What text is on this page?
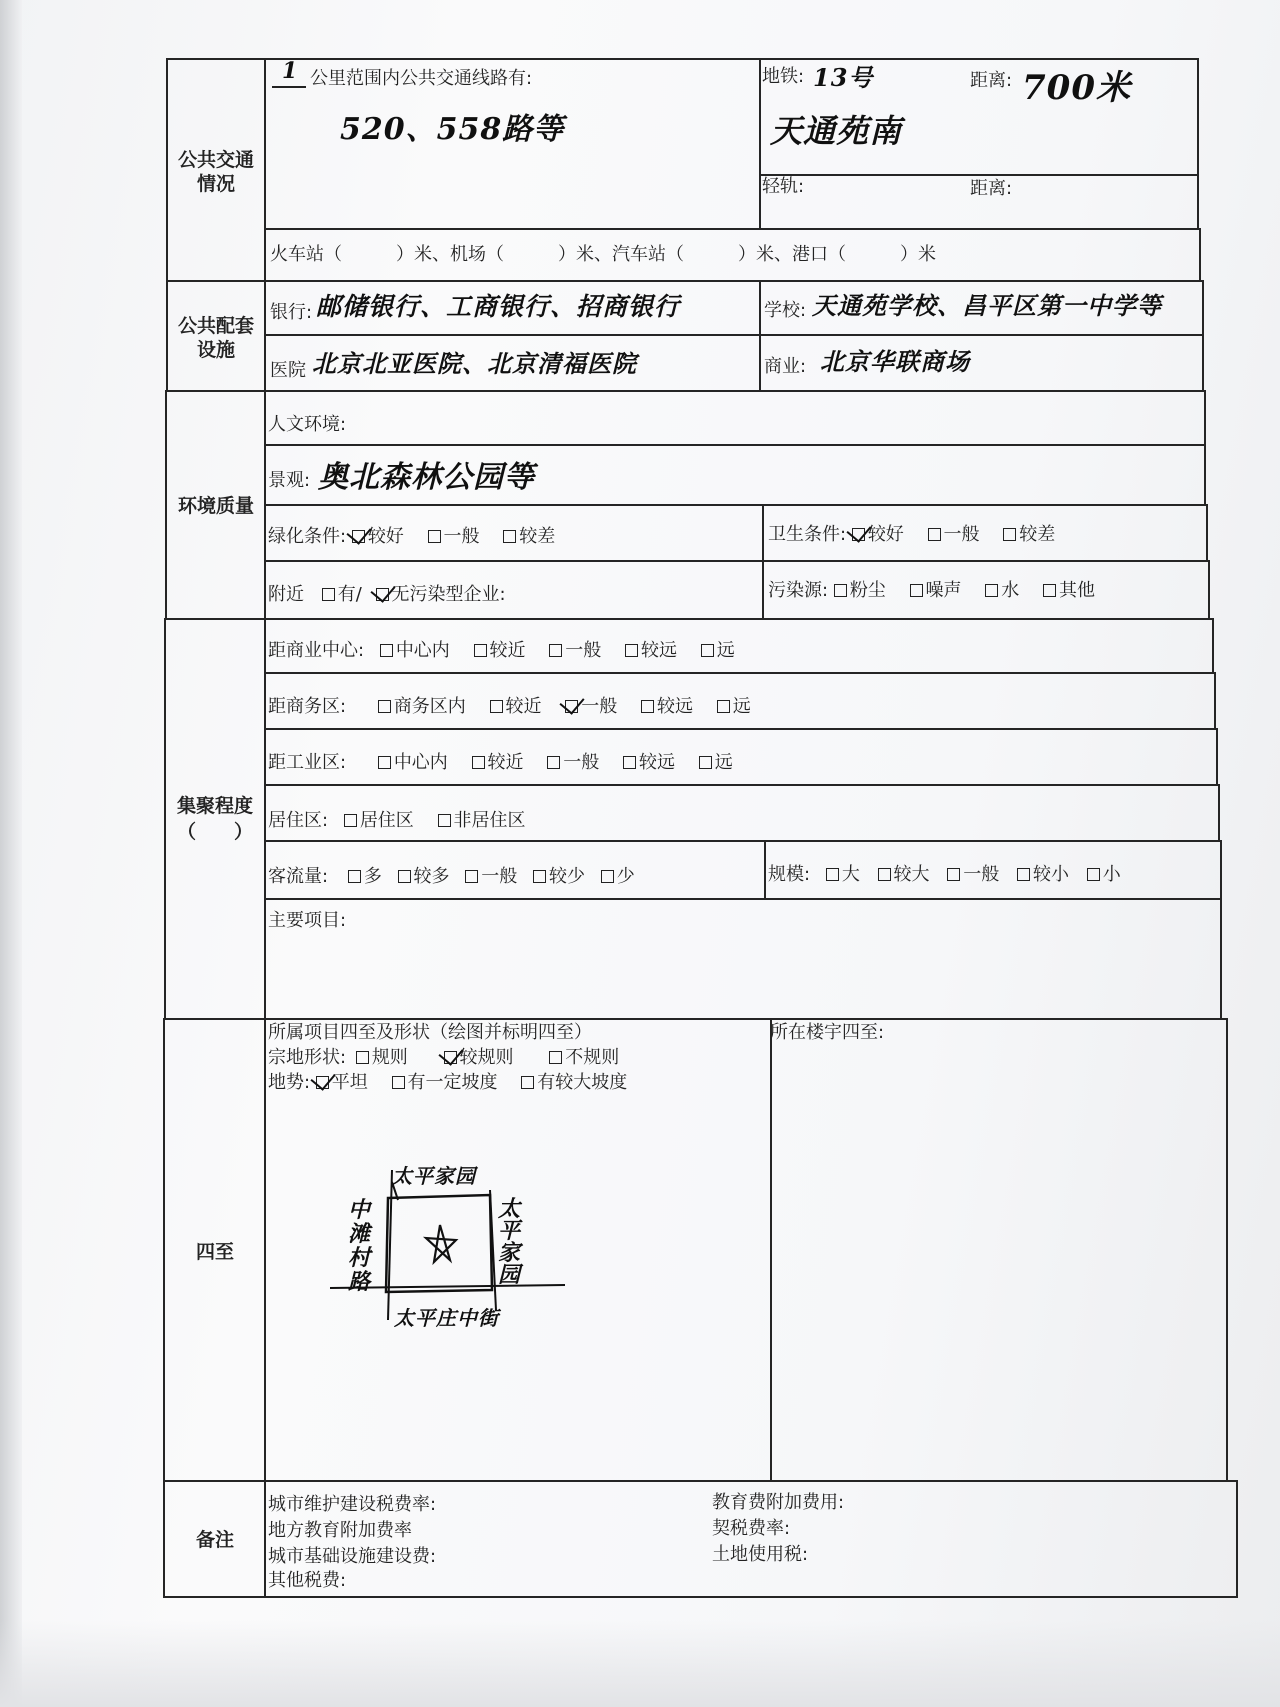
公共交通情况
1 公里范围内公共交通线路有:
520、558路等
地铁: 13号	距离: 700米
天通苑南
轻轨:	距离:
火车站（　　　）米、机场（　　　）米、汽车站（　　　）米、港口（　　　）米
公共配套设施
银行: 邮储银行、工商银行、招商银行	学校: 天通苑学校、昌平区第一中学等
医院 北京北亚医院、北京清福医院	商业: 北京华联商场
环境质量
人文环境:
景观: 奥北森林公园等
绿化条件: 较好 一般 较差	卫生条件: 较好 一般 较差
附近 有/ 无污染型企业:	污染源: 粉尘 噪声 水 其他
集聚程度
（　　）
距商业中心: 中心内 较近 一般 较远 远
距商务区:	商务区内 较近 一般 较远 远
距工业区:	中心内 较近 一般 较远 远
居住区: 居住区 非居住区
客流量: 多 较多 一般 较少 少	规模: 大 较大 一般 较小 小
主要项目:
四至
所属项目四至及形状（绘图并标明四至）
宗地形状: 规则	较规则	不规则
地势: 平坦 有一定坡度 有较大坡度
所在楼宇四至:
太平家园
太平庄中街
中滩村路
太平家园
备注
城市维护建设税费率:
地方教育附加费率
城市基础设施建设费:
其他税费:
教育费附加费用:
契税费率:
土地使用税:
